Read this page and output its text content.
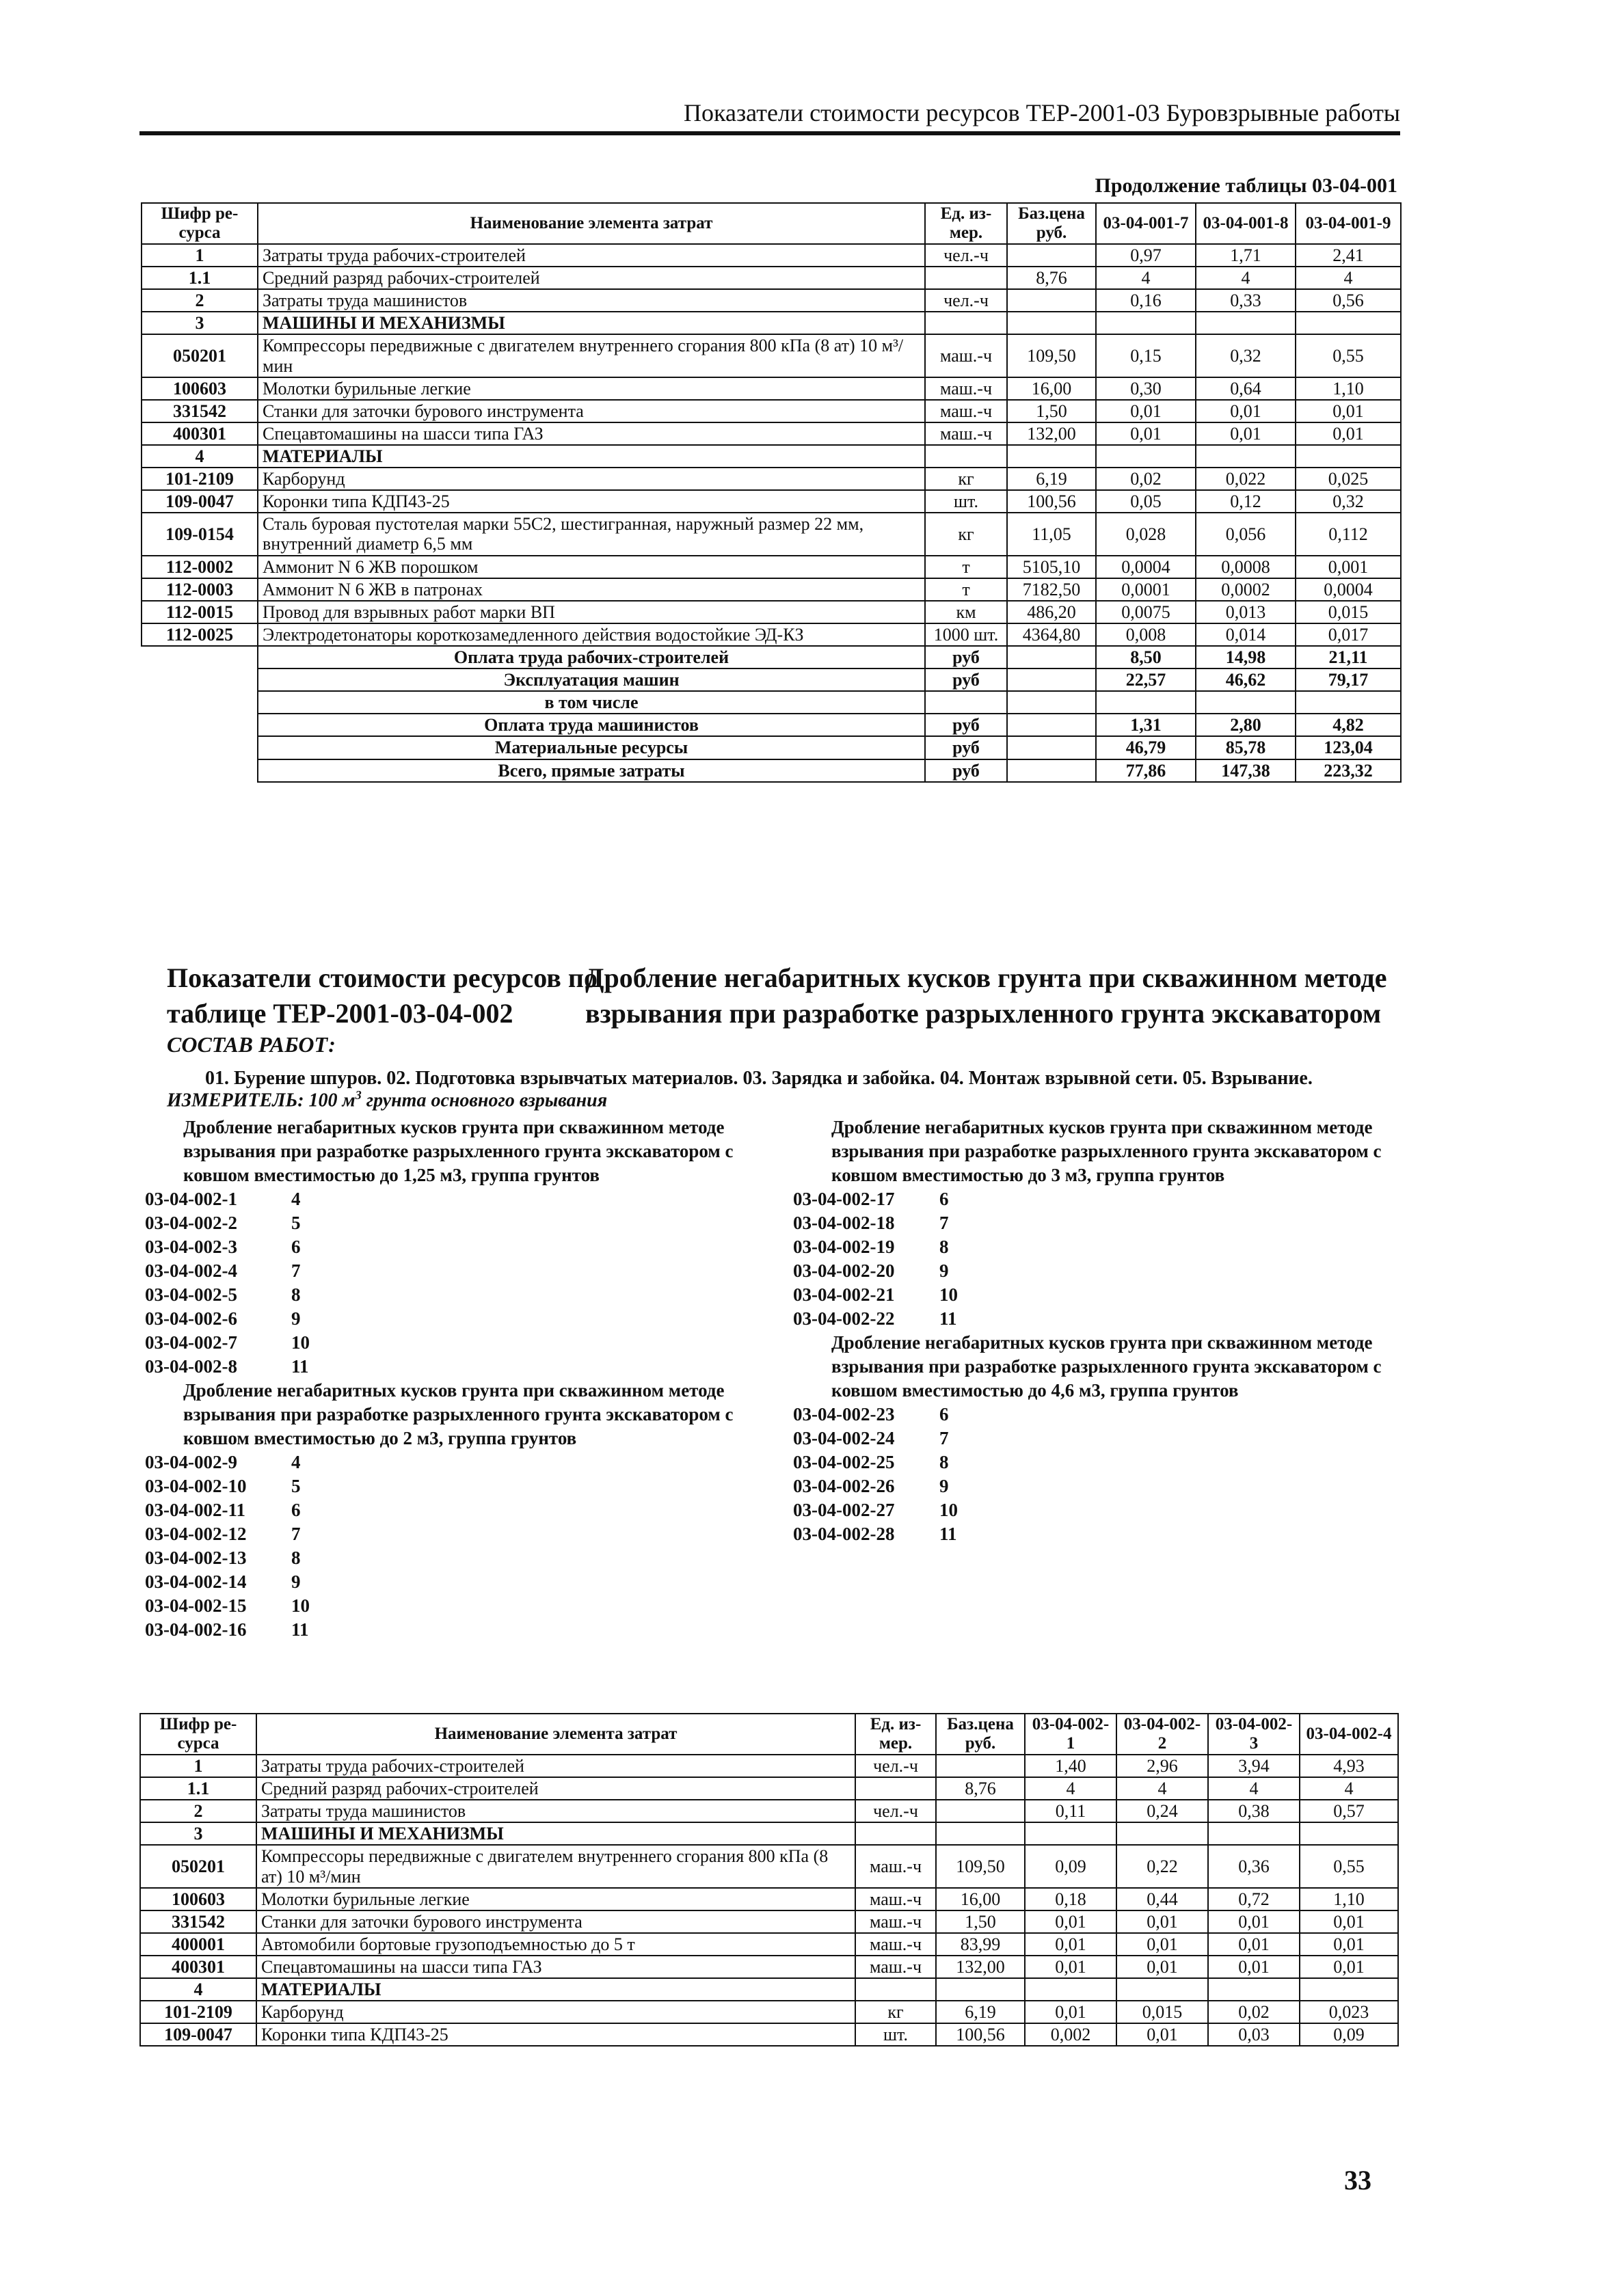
Показатели стоимости ресурсов ТЕР-2001-03 Буровзрывные работы
Продолжение таблицы 03-04-001
Шифр ре-сурса	Наименование элемента затрат	Ед. из-мер.	Баз.цена руб.	03-04-001-7	03-04-001-8	03-04-001-9
1	Затраты труда рабочих-строителей	чел.-ч		0,97	1,71	2,41
1.1	Средний разряд рабочих-строителей		8,76	4	4	4
2	Затраты труда машинистов	чел.-ч		0,16	0,33	0,56
3	МАШИНЫ И МЕХАНИЗМЫ					
050201	Компрессоры передвижные с двигателем внутреннего сгорания 800 кПа (8 ат) 10 м³/мин	маш.-ч	109,50	0,15	0,32	0,55
100603	Молотки бурильные легкие	маш.-ч	16,00	0,30	0,64	1,10
331542	Станки для заточки бурового инструмента	маш.-ч	1,50	0,01	0,01	0,01
400301	Спецавтомашины на шасси типа ГАЗ	маш.-ч	132,00	0,01	0,01	0,01
4	МАТЕРИАЛЫ					
101-2109	Карборунд	кг	6,19	0,02	0,022	0,025
109-0047	Коронки типа КДП43-25	шт.	100,56	0,05	0,12	0,32
109-0154	Сталь буровая пустотелая марки 55С2, шестигранная, наружный размер 22 мм, внутренний диаметр 6,5 мм	кг	11,05	0,028	0,056	0,112
112-0002	Аммонит N 6 ЖВ порошком	т	5105,10	0,0004	0,0008	0,001
112-0003	Аммонит N 6 ЖВ в патронах	т	7182,50	0,0001	0,0002	0,0004
112-0015	Провод для взрывных работ марки ВП	км	486,20	0,0075	0,013	0,015
112-0025	Электродетонаторы короткозамедленного действия водостойкие ЭД-КЗ	1000 шт.	4364,80	0,008	0,014	0,017
	Оплата труда рабочих-строителей	руб		8,50	14,98	21,11
	Эксплуатация машин	руб		22,57	46,62	79,17
	в том числе					
	Оплата труда машинистов	руб		1,31	2,80	4,82
	Материальные ресурсы	руб		46,79	85,78	123,04
	Всего, прямые затраты	руб		77,86	147,38	223,32
Показатели стоимости ресурсов по таблице ТЕР-2001-03-04-002
Дробление негабаритных кусков грунта при скважинном методе взрывания при разработке разрыхленного грунта экскаватором
СОСТАВ РАБОТ:
01. Бурение шпуров. 02. Подготовка взрывчатых материалов. 03. Зарядка и забойка. 04. Монтаж взрывной сети. 05. Взрывание.
ИЗМЕРИТЕЛЬ: 100 $м^3$ грунта основного взрывания
Дробление негабаритных кусков грунта при скважинном методе взрывания при разработке разрыхленного грунта экскаватором с ковшом вместимостью до 1,25 м3, группа грунтов
03-04-002-1	4
03-04-002-2	5
03-04-002-3	6
03-04-002-4	7
03-04-002-5	8
03-04-002-6	9
03-04-002-7	10
03-04-002-8	11
Дробление негабаритных кусков грунта при скважинном методе взрывания при разработке разрыхленного грунта экскаватором с ковшом вместимостью до 2 м3, группа грунтов
03-04-002-9	4
03-04-002-10	5
03-04-002-11	6
03-04-002-12	7
03-04-002-13	8
03-04-002-14	9
03-04-002-15	10
03-04-002-16	11
Дробление негабаритных кусков грунта при скважинном методе взрывания при разработке разрыхленного грунта экскаватором с ковшом вместимостью до 3 м3, группа грунтов
03-04-002-17	6
03-04-002-18	7
03-04-002-19	8
03-04-002-20	9
03-04-002-21	10
03-04-002-22	11
Дробление негабаритных кусков грунта при скважинном методе взрывания при разработке разрыхленного грунта экскаватором с ковшом вместимостью до 4,6 м3, группа грунтов
03-04-002-23	6
03-04-002-24	7
03-04-002-25	8
03-04-002-26	9
03-04-002-27	10
03-04-002-28	11
Шифр ре-сурса	Наименование элемента затрат	Ед. из-мер.	Баз.цена руб.	03-04-002-1	03-04-002-2	03-04-002-3	03-04-002-4
1	Затраты труда рабочих-строителей	чел.-ч		1,40	2,96	3,94	4,93
1.1	Средний разряд рабочих-строителей		8,76	4	4	4	4
2	Затраты труда машинистов	чел.-ч		0,11	0,24	0,38	0,57
3	МАШИНЫ И МЕХАНИЗМЫ						
050201	Компрессоры передвижные с двигателем внутреннего сгорания 800 кПа (8 ат) 10 м³/мин	маш.-ч	109,50	0,09	0,22	0,36	0,55
100603	Молотки бурильные легкие	маш.-ч	16,00	0,18	0,44	0,72	1,10
331542	Станки для заточки бурового инструмента	маш.-ч	1,50	0,01	0,01	0,01	0,01
400001	Автомобили бортовые грузоподъемностью до 5 т	маш.-ч	83,99	0,01	0,01	0,01	0,01
400301	Спецавтомашины на шасси типа ГАЗ	маш.-ч	132,00	0,01	0,01	0,01	0,01
4	МАТЕРИАЛЫ						
101-2109	Карборунд	кг	6,19	0,01	0,015	0,02	0,023
109-0047	Коронки типа КДП43-25	шт.	100,56	0,002	0,01	0,03	0,09
33
